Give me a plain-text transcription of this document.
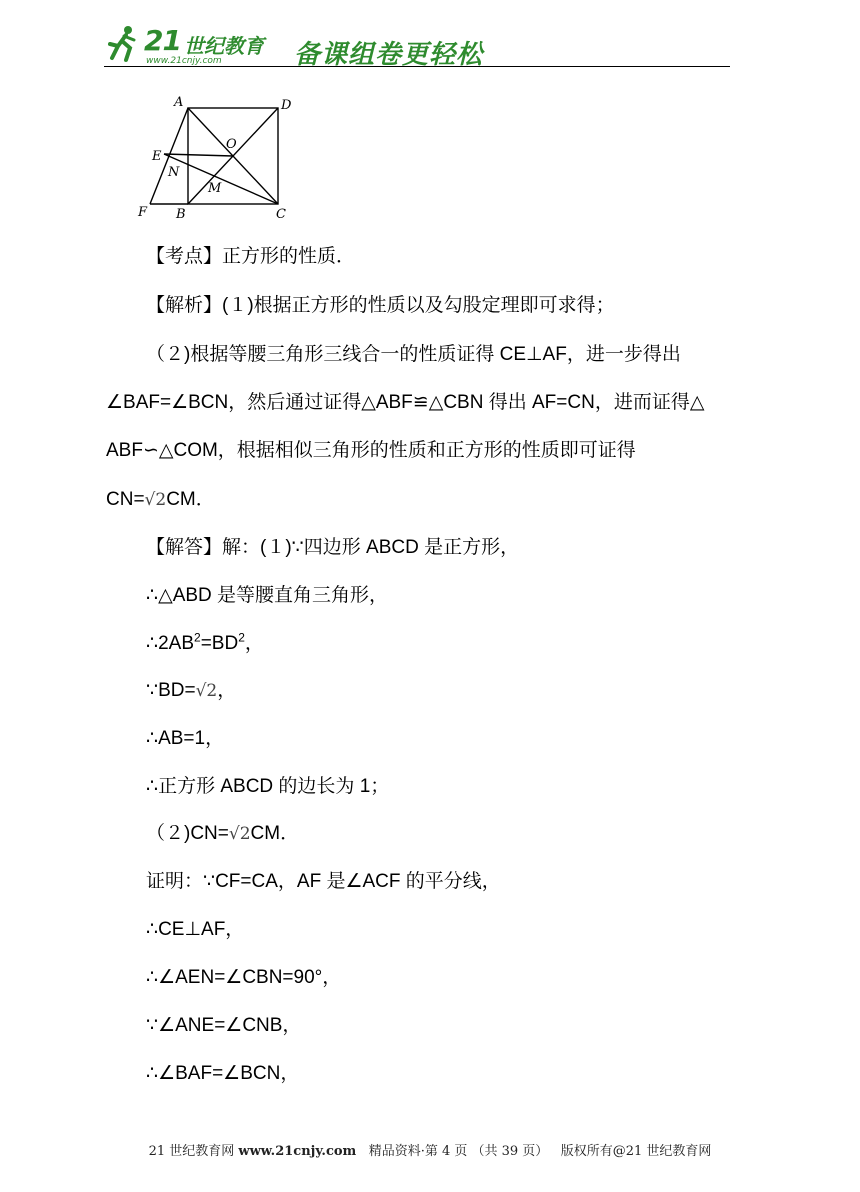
21 世纪教育
www.21cnjy.com	备课组卷更轻松
A	D
O
E
N
M
F B	C
【考点】正方形的性质．
【解析】(１)根据正方形的性质以及勾股定理即可求得；
（２)根据等腰三角形三线合一的性质证得 CE⊥AF，进一步得出
∠BAF=∠BCN，然后通过证得△ABF≌△CBN 得出 AF=CN，进而证得△
ABF∽△COM，根据相似三角形的性质和正方形的性质即可证得
CN=√2CM．
【解答】解：(１)∵四边形 ABCD 是正方形，
∴△ABD 是等腰直角三角形，
$\therefore 2AB^2=BD^2$，
∵BD=√2，
∴AB=1，
∴正方形 ABCD 的边长为 1；
（２)CN=√2CM．
证明：∵CF=CA，AF 是∠ACF 的平分线，
∴CE⊥AF，
∴∠AEN=∠CBN=90°，
∵∠ANE=∠CNB，
∴∠BAF=∠BCN，
21 世纪教育网 www.21cnjy.com 精品资料·第 4 页 （共 39 页） 版权所有@21 世纪教育网
